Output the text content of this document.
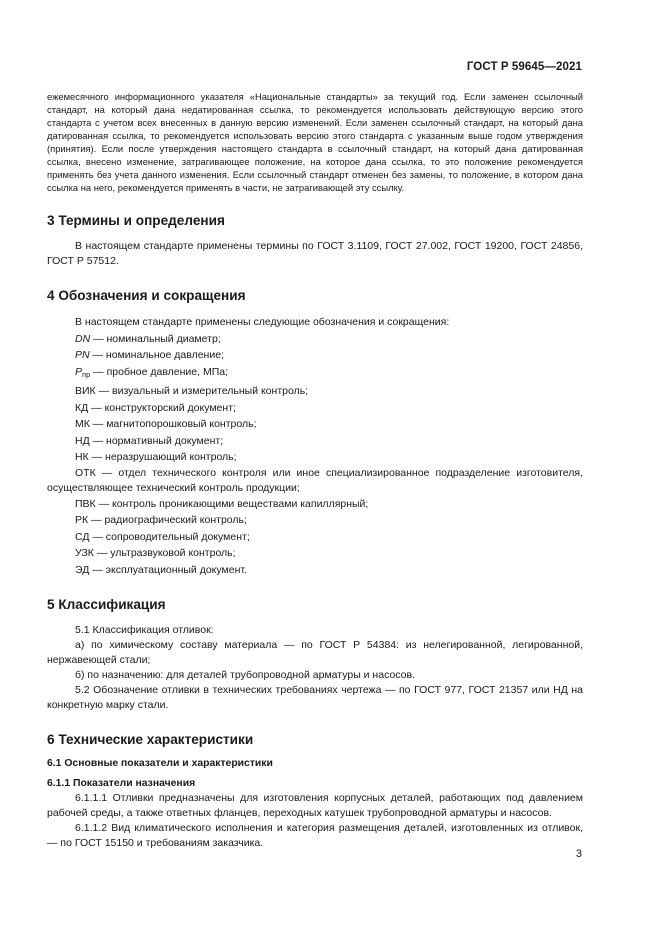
ГОСТ Р 59645—2021

ежемесячного информационного указателя «Национальные стандарты» за текущий год. Если заменен ссылочный стандарт, на который дана недатированная ссылка, то рекомендуется использовать действующую версию этого стандарта с учетом всех внесенных в данную версию изменений. Если заменен ссылочный стандарт, на который дана датированная ссылка, то рекомендуется использовать версию этого стандарта с указанным выше годом утверждения (принятия). Если после утверждения настоящего стандарта в ссылочный стандарт, на который дана датированная ссылка, внесено изменение, затрагивающее положение, на которое дана ссылка, то это положение рекомендуется применять без учета данного изменения. Если ссылочный стандарт отменен без замены, то положение, в котором дана ссылка на него, рекомендуется применять в части, не затрагивающей эту ссылку.

3 Термины и определения

В настоящем стандарте применены термины по ГОСТ 3.1109, ГОСТ 27.002, ГОСТ 19200, ГОСТ 24856, ГОСТ Р 57512.

4 Обозначения и сокращения

В настоящем стандарте применены следующие обозначения и сокращения:

DN — номинальный диаметр;

PN — номинальное давление;

$P_{пр}$ — пробное давление, МПа;

ВИК — визуальный и измерительный контроль;

КД — конструкторский документ;

МК — магнитопорошковый контроль;

НД — нормативный документ;

НК — неразрушающий контроль;

ОТК — отдел технического контроля или иное специализированное подразделение изготовителя, осуществляющее технический контроль продукции;

ПВК — контроль проникающими веществами капиллярный;

РК — радиографический контроль;

СД — сопроводительный документ;

УЗК — ультразвуковой контроль;

ЭД — эксплуатационный документ.

5 Классификация

5.1 Классификация отливок:

а) по химическому составу материала — по ГОСТ Р 54384: из нелегированной, легированной, нержавеющей стали;

б) по назначению: для деталей трубопроводной арматуры и насосов.

5.2 Обозначение отливки в технических требованиях чертежа — по ГОСТ 977, ГОСТ 21357 или НД на конкретную марку стали.

6 Технические характеристики
6.1 Основные показатели и характеристики
6.1.1 Показатели назначения

6.1.1.1 Отливки предназначены для изготовления корпусных деталей, работающих под давлением рабочей среды, а также ответных фланцев, переходных катушек трубопроводной арматуры и насосов.

6.1.1.2 Вид климатического исполнения и категория размещения деталей, изготовленных из отливок, — по ГОСТ 15150 и требованиям заказчика.

3
